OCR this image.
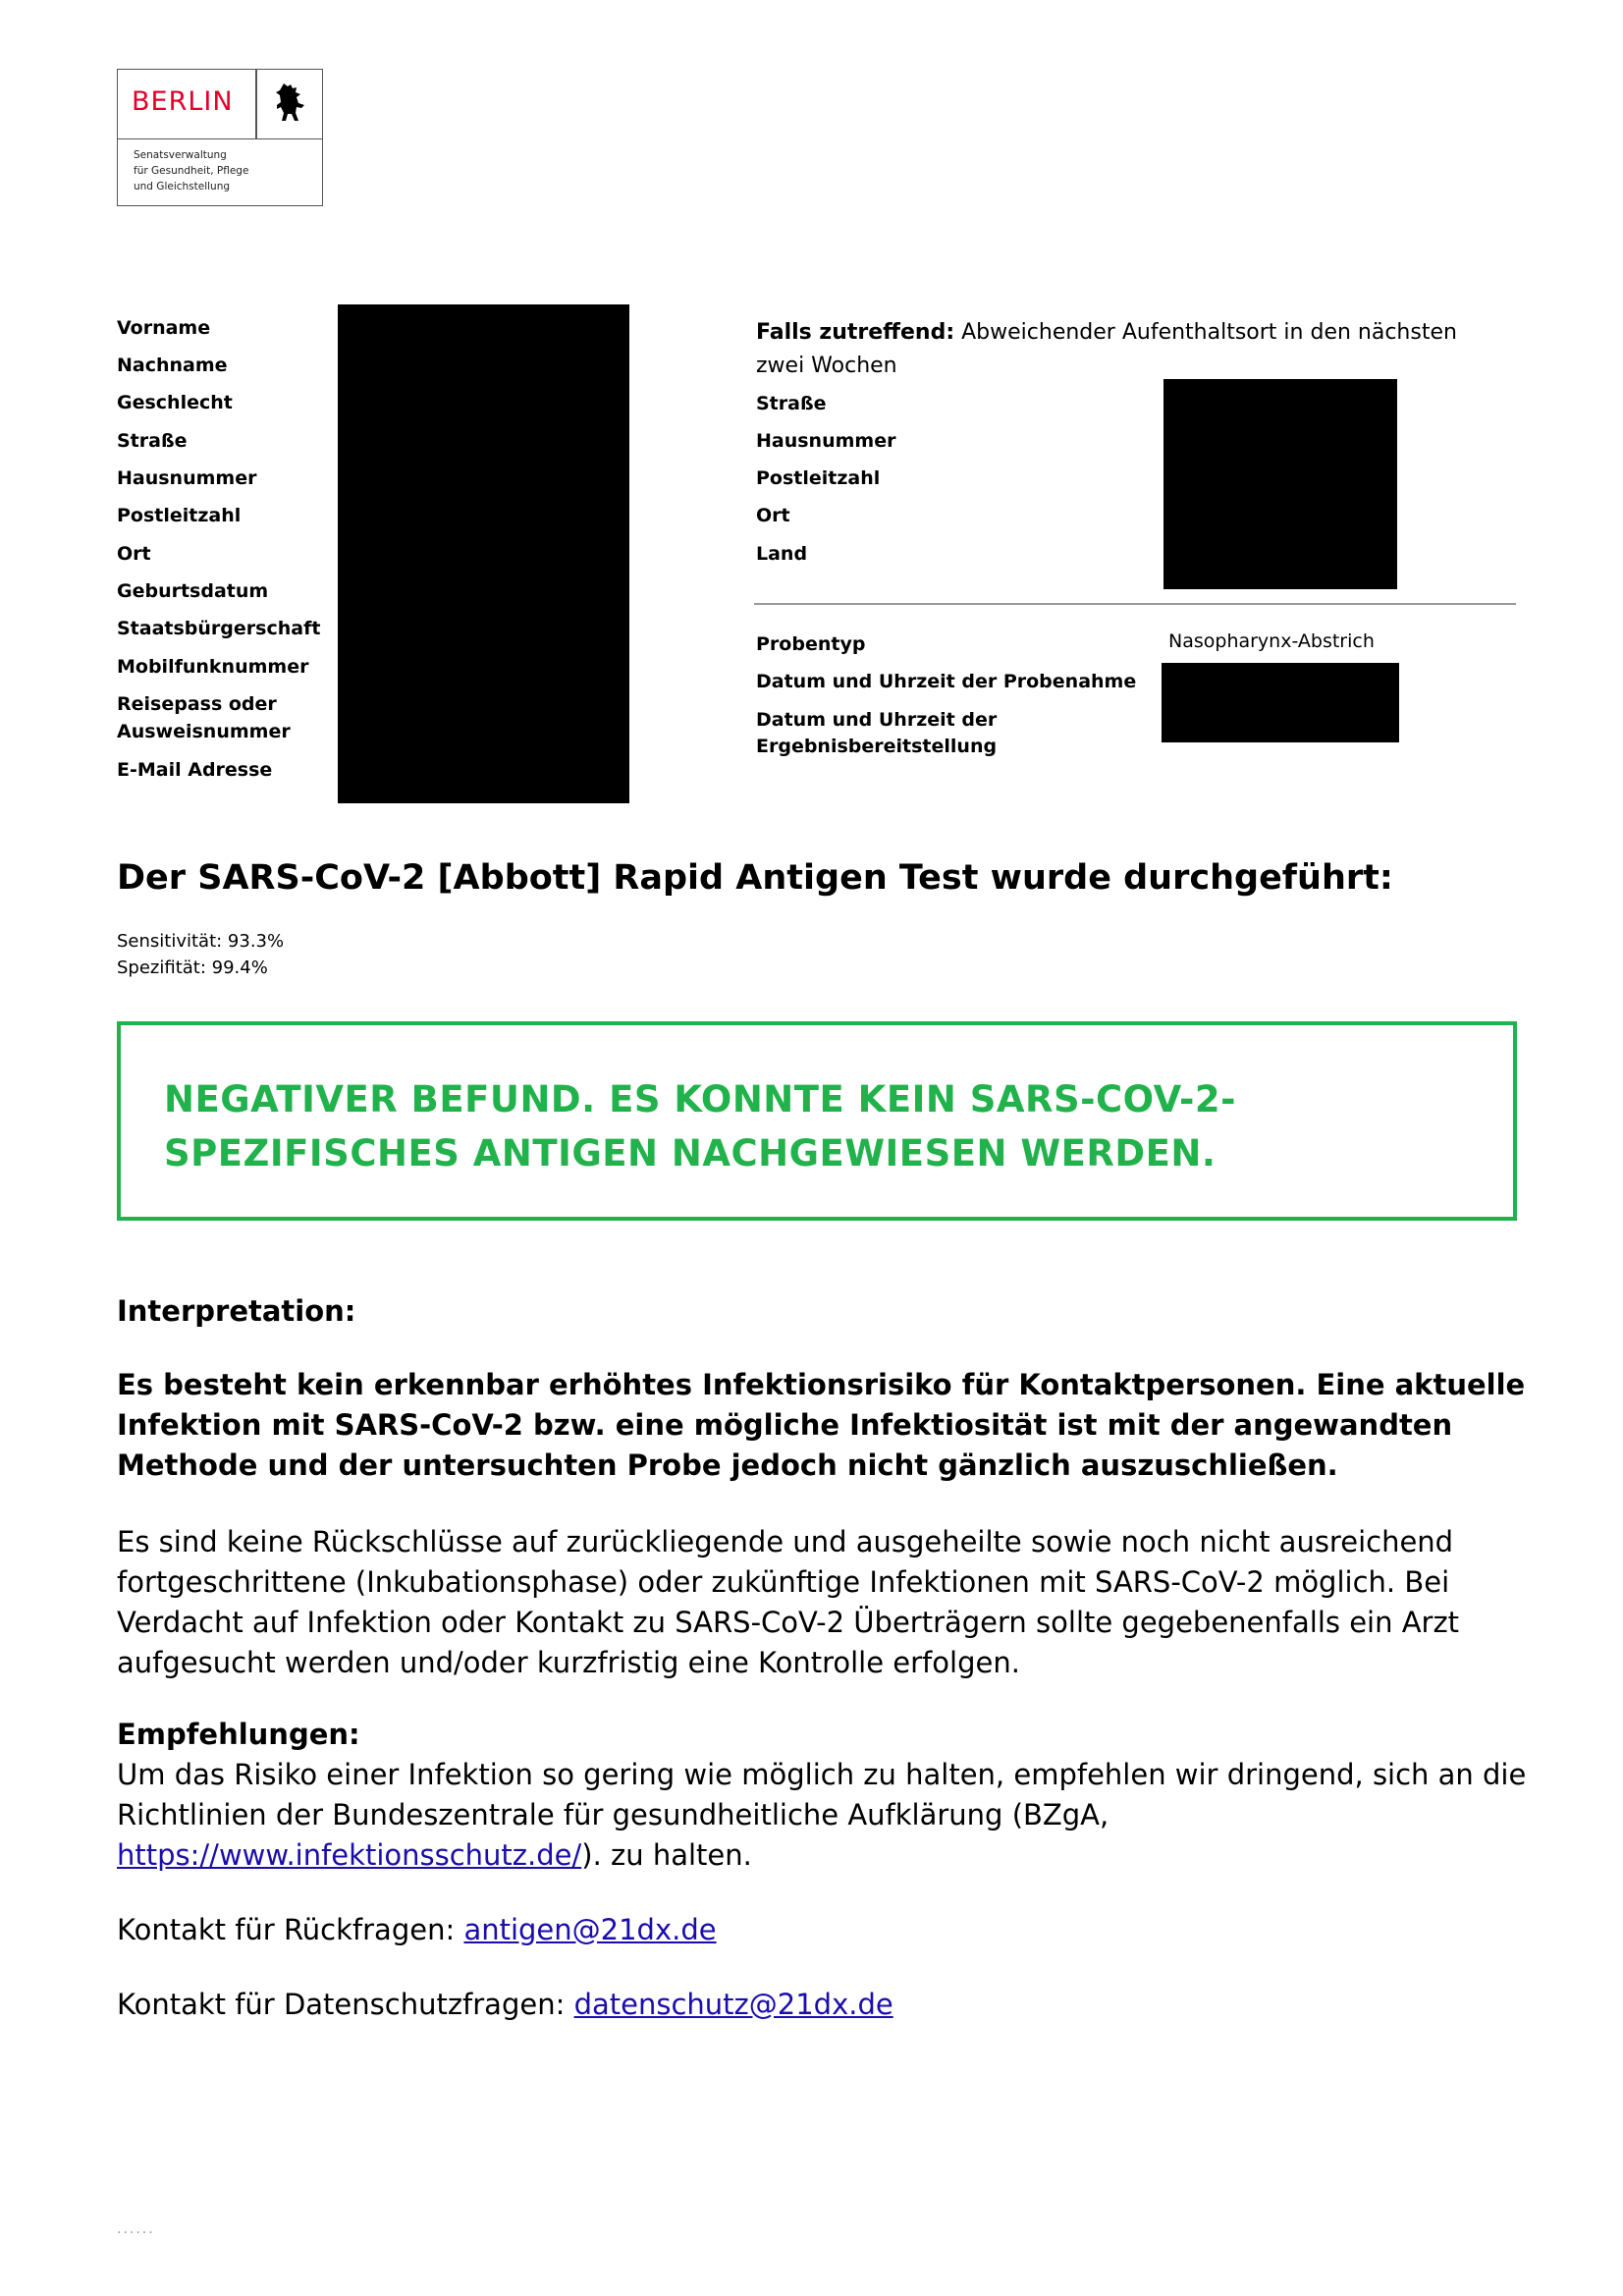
BERLIN
Senatsverwaltung
für Gesundheit, Pflege
und Gleichstellung
Vorname
Nachname
Geschlecht
Straße
Hausnummer
Postleitzahl
Ort
Geburtsdatum
Staatsbürgerschaft
Mobilfunknummer
Reisepass oder
Ausweisnummer
E-Mail Adresse
Falls zutreffend: Abweichender Aufenthaltsort in den nächsten zwei Wochen
Straße
Hausnummer
Postleitzahl
Ort
Land
Probentyp	Nasopharynx-Abstrich
Datum und Uhrzeit der Probenahme
Datum und Uhrzeit der
Ergebnisbereitstellung
Der SARS-CoV-2 [Abbott] Rapid Antigen Test wurde durchgeführt:
Sensitivität: 93.3%
Spezifität: 99.4%
NEGATIVER BEFUND. ES KONNTE KEIN SARS-COV-2-
SPEZIFISCHES ANTIGEN NACHGEWIESEN WERDEN.
Interpretation:
Es besteht kein erkennbar erhöhtes Infektionsrisiko für Kontaktpersonen. Eine aktuelle Infektion mit SARS-CoV-2 bzw. eine mögliche Infektiosität ist mit der angewandten Methode und der untersuchten Probe jedoch nicht gänzlich auszuschließen.
Es sind keine Rückschlüsse auf zurückliegende und ausgeheilte sowie noch nicht ausreichend fortgeschrittene (Inkubationsphase) oder zukünftige Infektionen mit SARS-CoV-2 möglich. Bei Verdacht auf Infektion oder Kontakt zu SARS-CoV-2 Überträgern sollte gegebenenfalls ein Arzt aufgesucht werden und/oder kurzfristig eine Kontrolle erfolgen.
Empfehlungen:
Um das Risiko einer Infektion so gering wie möglich zu halten, empfehlen wir dringend, sich an die Richtlinien der Bundeszentrale für gesundheitliche Aufklärung (BZgA, https://www.infektionsschutz.de/). zu halten.
Kontakt für Rückfragen: antigen@21dx.de
Kontakt für Datenschutzfragen: datenschutz@21dx.de
......
